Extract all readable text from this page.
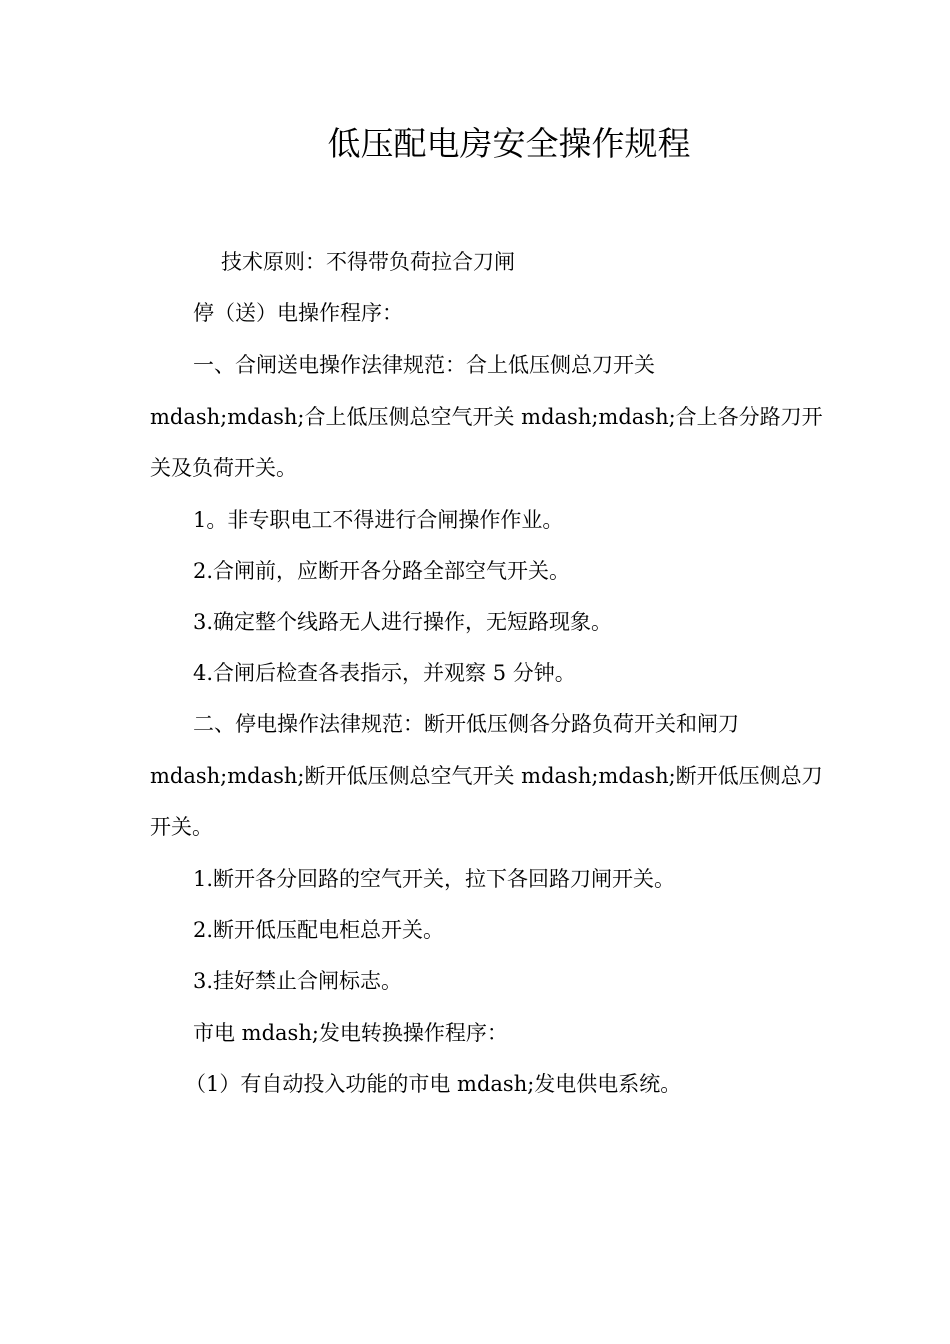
低压配电房安全操作规程
技术原则：不得带负荷拉合刀闸
停（送）电操作程序：
一、合闸送电操作法律规范：合上低压侧总刀开关
mdash;mdash;合上低压侧总空气开关 mdash;mdash;合上各分路刀开
关及负荷开关。
1。非专职电工不得进行合闸操作作业。
2.合闸前，应断开各分路全部空气开关。
3.确定整个线路无人进行操作，无短路现象。
4.合闸后检查各表指示，并观察 5 分钟。
二、停电操作法律规范：断开低压侧各分路负荷开关和闸刀
mdash;mdash;断开低压侧总空气开关 mdash;mdash;断开低压侧总刀
开关。
1.断开各分回路的空气开关，拉下各回路刀闸开关。
2.断开低压配电柜总开关。
3.挂好禁止合闸标志。
市电 mdash;发电转换操作程序：
（1）有自动投入功能的市电 mdash;发电供电系统。
